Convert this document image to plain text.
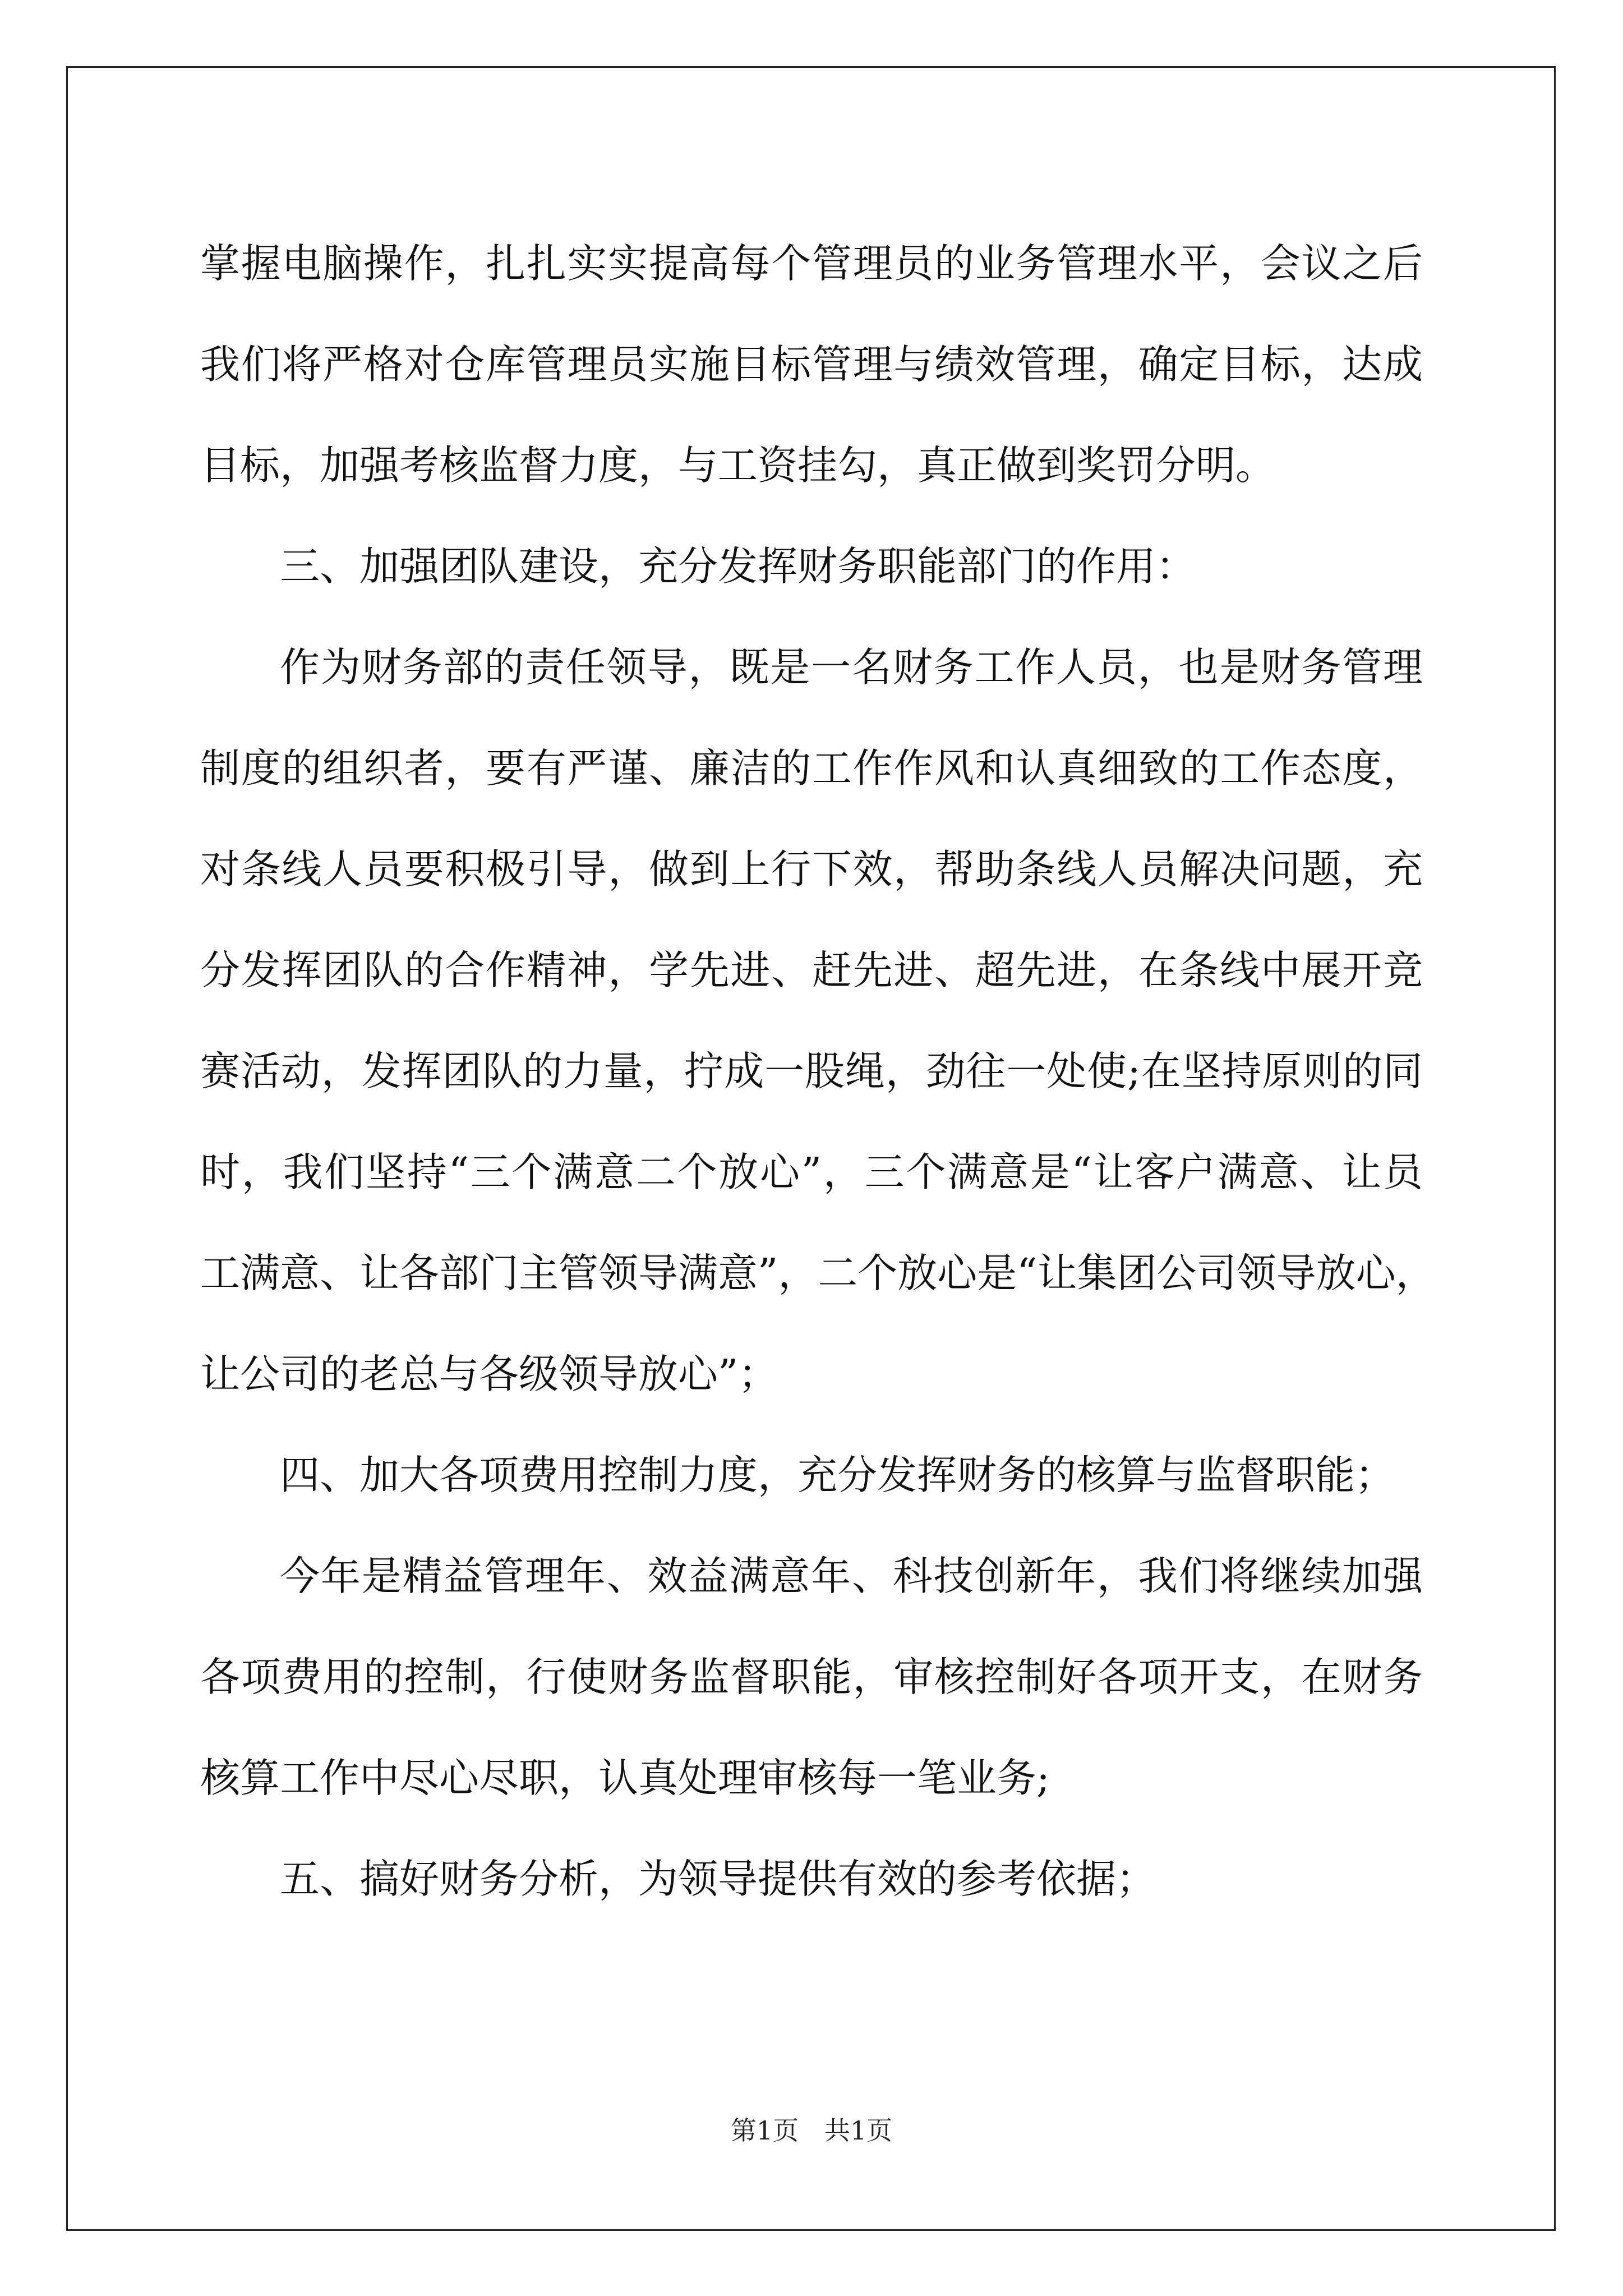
掌握电脑操作，扎扎实实提高每个管理员的业务管理水平，会议之后
我们将严格对仓库管理员实施目标管理与绩效管理，确定目标，达成
目标，加强考核监督力度，与工资挂勾，真正做到奖罚分明。
三、加强团队建设，充分发挥财务职能部门的作用：
作为财务部的责任领导，既是一名财务工作人员，也是财务管理
制度的组织者，要有严谨、廉洁的工作作风和认真细致的工作态度，
对条线人员要积极引导，做到上行下效，帮助条线人员解决问题，充
分发挥团队的合作精神，学先进、赶先进、超先进，在条线中展开竞
赛活动，发挥团队的力量，拧成一股绳，劲往一处使;在坚持原则的同
时，我们坚持“三个满意二个放心”，三个满意是“让客户满意、让员
工满意、让各部门主管领导满意”，二个放心是“让集团公司领导放心，
让公司的老总与各级领导放心”；
四、加大各项费用控制力度，充分发挥财务的核算与监督职能；
今年是精益管理年、效益满意年、科技创新年，我们将继续加强
各项费用的控制，行使财务监督职能，审核控制好各项开支，在财务
核算工作中尽心尽职，认真处理审核每一笔业务;
五、搞好财务分析，为领导提供有效的参考依据；
第1页　共1页
